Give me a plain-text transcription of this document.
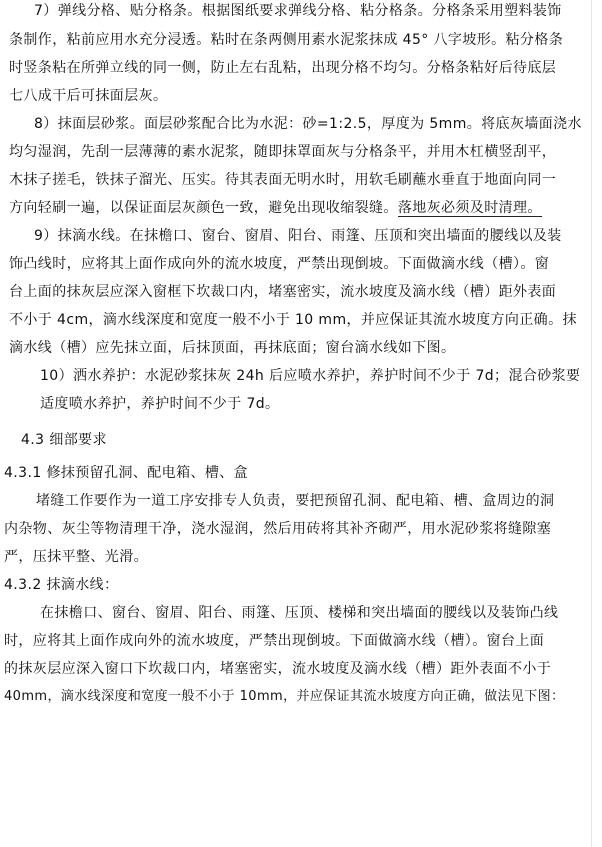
7）弹线分格、贴分格条。根据图纸要求弹线分格、粘分格条。分格条采用塑料装饰
条制作，粘前应用水充分浸透。粘时在条两侧用素水泥浆抹成 45° 八字坡形。粘分格条
时竖条粘在所弹立线的同一侧，防止左右乱粘，出现分格不均匀。分格条粘好后待底层
七八成干后可抹面层灰。
8）抹面层砂浆。面层砂浆配合比为水泥：砂=1:2.5，厚度为 5mm。将底灰墙面浇水
均匀湿润，先刮一层薄薄的素水泥浆，随即抹罩面灰与分格条平，并用木杠横竖刮平，
木抹子搓毛，铁抹子溜光、压实。待其表面无明水时，用软毛刷蘸水垂直于地面向同一
方向轻刷一遍，以保证面层灰颜色一致，避免出现收缩裂缝。落地灰必须及时清理。
9）抹滴水线。在抹檐口、窗台、窗眉、阳台、雨篷、压顶和突出墙面的腰线以及装
饰凸线时，应将其上面作成向外的流水坡度，严禁出现倒坡。下面做滴水线（槽）。窗
台上面的抹灰层应深入窗框下坎裁口内，堵塞密实，流水坡度及滴水线（槽）距外表面
不小于 4cm，滴水线深度和宽度一般不小于 10 mm，并应保证其流水坡度方向正确。抹
滴水线（槽）应先抹立面，后抹顶面，再抹底面；窗台滴水线如下图。
10）洒水养护：水泥砂浆抹灰 24h 后应喷水养护，养护时间不少于 7d；混合砂浆要
适度喷水养护，养护时间不少于 7d。
4.3 细部要求
4.3.1 修抹预留孔洞、配电箱、槽、盒
堵缝工作要作为一道工序安排专人负责，要把预留孔洞、配电箱、槽、盒周边的洞
内杂物、灰尘等物清理干净，浇水湿润，然后用砖将其补齐砌严，用水泥砂浆将缝隙塞
严，压抹平整、光滑。
4.3.2 抹滴水线：
在抹檐口、窗台、窗眉、阳台、雨篷、压顶、楼梯和突出墙面的腰线以及装饰凸线
时，应将其上面作成向外的流水坡度，严禁出现倒坡。下面做滴水线（槽）。窗台上面
的抹灰层应深入窗口下坎裁口内，堵塞密实，流水坡度及滴水线（槽）距外表面不小于
40mm，滴水线深度和宽度一般不小于 10mm，并应保证其流水坡度方向正确，做法见下图：
